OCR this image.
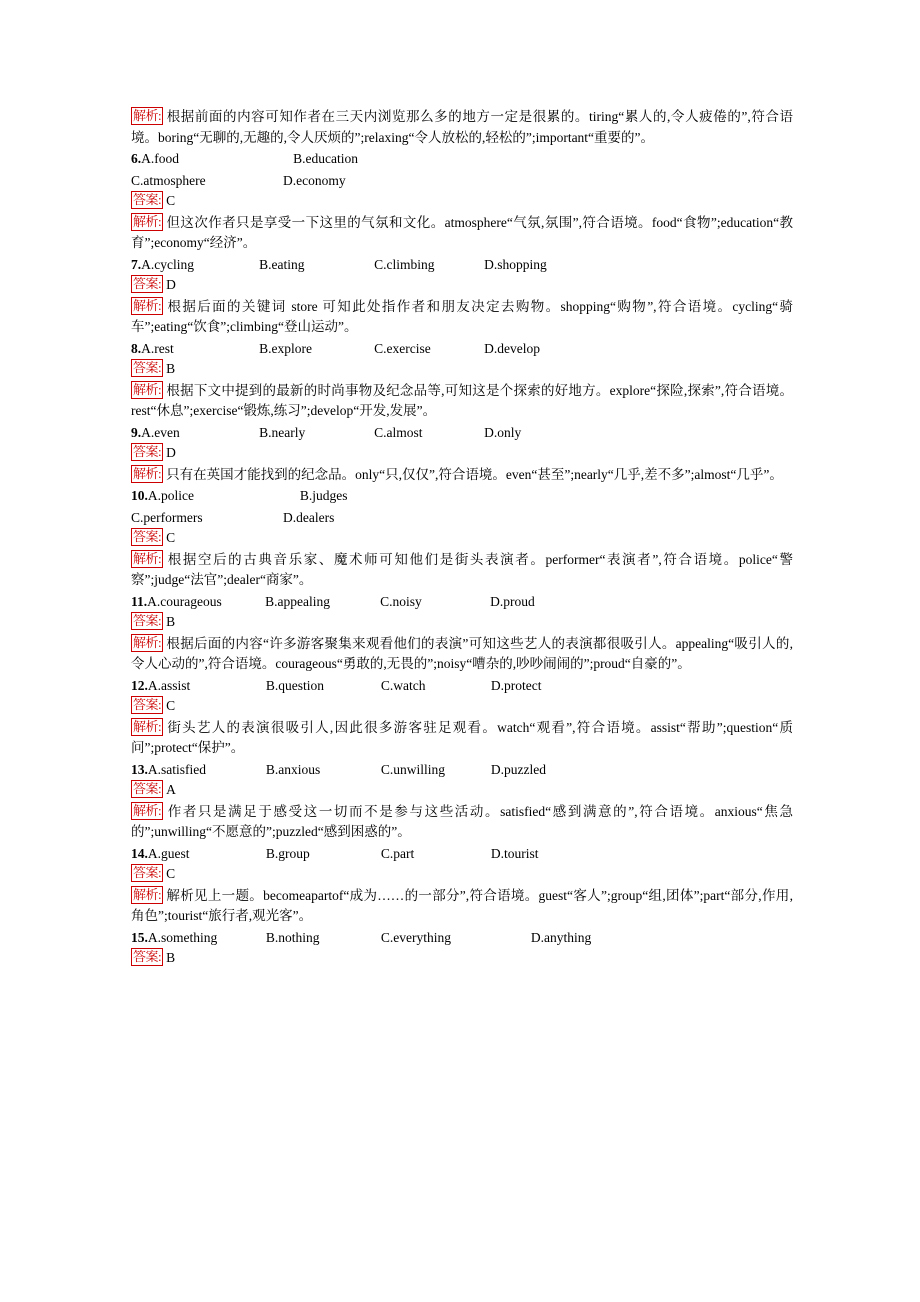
解析: 根据前面的内容可知作者在三天内浏览那么多的地方一定是很累的。tiring“累人的,令人疲倦的”,符合语境。boring“无聊的,无趣的,令人厌烦的”;relaxing“令人放松的,轻松的”;important“重要的”。
6.A.food	B.education
C.atmosphere	D.economy
答案: C
解析: 但这次作者只是享受一下这里的气氛和文化。atmosphere“气氛,氛围”,符合语境。food“食物”;education“教育”;economy“经济”。
7.A.cycling	B.eating	C.climbing	D.shopping
答案: D
解析: 根据后面的关键词 store 可知此处指作者和朋友决定去购物。shopping“购物”,符合语境。cycling“骑车”;eating“饮食”;climbing“登山运动”。
8.A.rest	B.explore	C.exercise	D.develop
答案: B
解析: 根据下文中提到的最新的时尚事物及纪念品等,可知这是个探索的好地方。explore“探险,探索”,符合语境。rest“休息”;exercise“锻炼,练习”;develop“开发,发展”。
9.A.even	B.nearly	C.almost	D.only
答案: D
解析: 只有在英国才能找到的纪念品。only“只,仅仅”,符合语境。even“甚至”;nearly“几乎,差不多”;almost“几乎”。
10.A.police	B.judges
C.performers	D.dealers
答案: C
解析: 根据空后的古典音乐家、魔术师可知他们是街头表演者。performer“表演者”,符合语境。police“警察”;judge“法官”;dealer“商家”。
11.A.courageous	B.appealing	C.noisy	D.proud
答案: B
解析: 根据后面的内容“许多游客聚集来观看他们的表演”可知这些艺人的表演都很吸引人。appealing“吸引人的,令人心动的”,符合语境。courageous“勇敢的,无畏的”;noisy“嘈杂的,吵吵闹闹的”;proud“自豪的”。
12.A.assist	B.question	C.watch	D.protect
答案: C
解析: 街头艺人的表演很吸引人,因此很多游客驻足观看。watch“观看”,符合语境。assist“帮助”;question“质问”;protect“保护”。
13.A.satisfied	B.anxious	C.unwilling	D.puzzled
答案: A
解析: 作者只是满足于感受这一切而不是参与这些活动。satisfied“感到满意的”,符合语境。anxious“焦急的”;unwilling“不愿意的”;puzzled“感到困惑的”。
14.A.guest	B.group	C.part	D.tourist
答案: C
解析: 解析见上一题。becomeapartof“成为……的一部分”,符合语境。guest“客人”;group“组,团体”;part“部分,作用,角色”;tourist“旅行者,观光客”。
15.A.something	B.nothing	C.everything	D.anything
答案: B
